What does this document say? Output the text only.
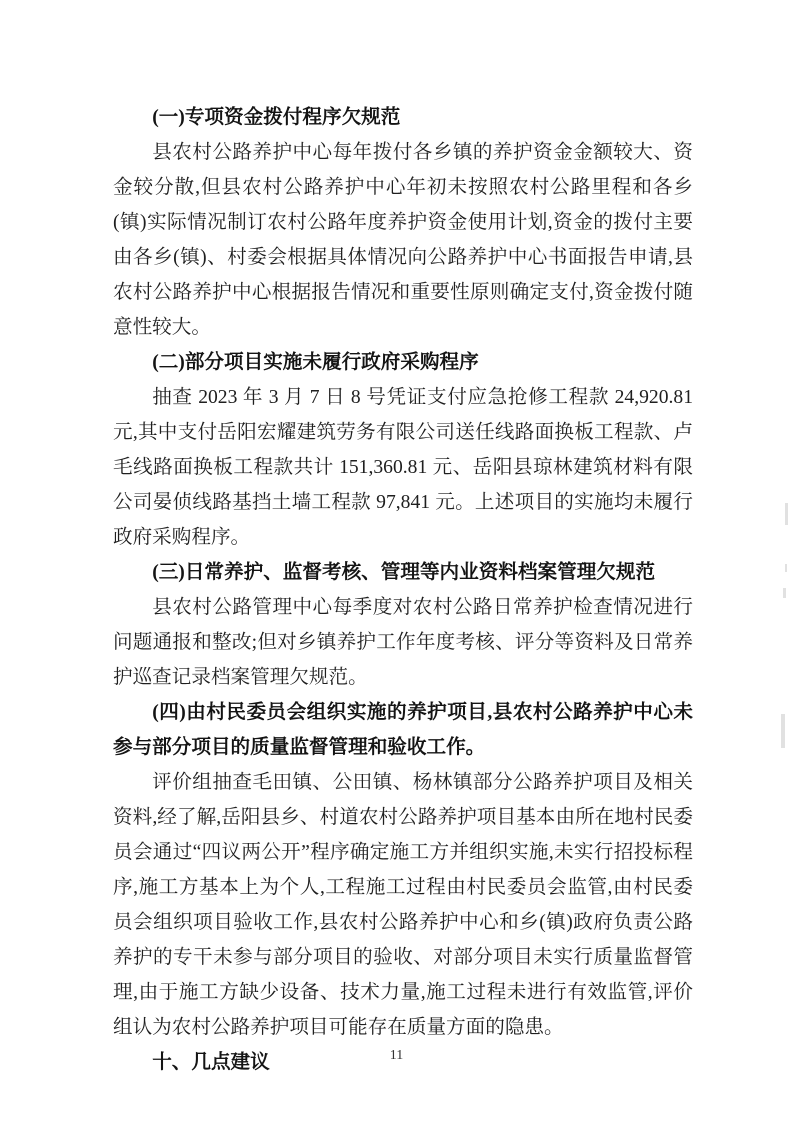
(一)专项资金拨付程序欠规范

县农村公路养护中心每年拨付各乡镇的养护资金金额较大、资金较分散,但县农村公路养护中心年初未按照农村公路里程和各乡(镇)实际情况制订农村公路年度养护资金使用计划,资金的拨付主要由各乡(镇)、村委会根据具体情况向公路养护中心书面报告申请,县农村公路养护中心根据报告情况和重要性原则确定支付,资金拨付随意性较大。

(二)部分项目实施未履行政府采购程序

抽查 2023 年 3 月 7 日 8 号凭证支付应急抢修工程款 24,920.81 元,其中支付岳阳宏耀建筑劳务有限公司送任线路面换板工程款、卢毛线路面换板工程款共计 151,360.81 元、岳阳县琼林建筑材料有限公司晏侦线路基挡土墙工程款 97,841 元。上述项目的实施均未履行政府采购程序。

(三)日常养护、监督考核、管理等内业资料档案管理欠规范

县农村公路管理中心每季度对农村公路日常养护检查情况进行问题通报和整改;但对乡镇养护工作年度考核、评分等资料及日常养护巡查记录档案管理欠规范。

(四)由村民委员会组织实施的养护项目,县农村公路养护中心未参与部分项目的质量监督管理和验收工作。

评价组抽查毛田镇、公田镇、杨林镇部分公路养护项目及相关资料,经了解,岳阳县乡、村道农村公路养护项目基本由所在地村民委员会通过“四议两公开”程序确定施工方并组织实施,未实行招投标程序,施工方基本上为个人,工程施工过程由村民委员会监管,由村民委员会组织项目验收工作,县农村公路养护中心和乡(镇)政府负责公路养护的专干未参与部分项目的验收、对部分项目未实行质量监督管理,由于施工方缺少设备、技术力量,施工过程未进行有效监管,评价组认为农村公路养护项目可能存在质量方面的隐患。

十、几点建议	11
